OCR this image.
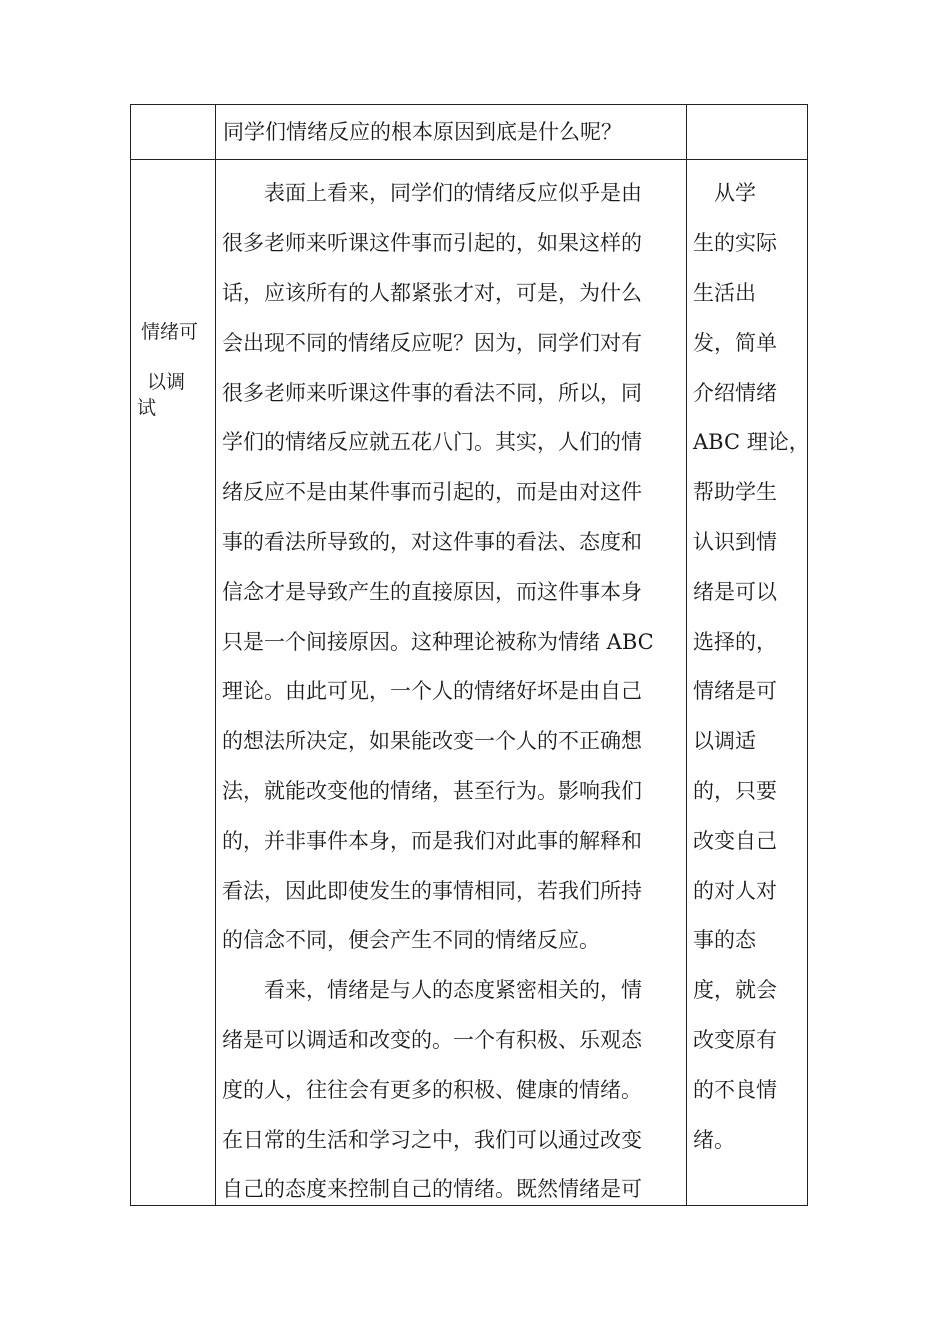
同学们情绪反应的根本原因到底是什么呢？
情绪可
以调
试
　　表面上看来，同学们的情绪反应似乎是由
很多老师来听课这件事而引起的，如果这样的
话，应该所有的人都紧张才对，可是，为什么
会出现不同的情绪反应呢？因为，同学们对有
很多老师来听课这件事的看法不同，所以，同
学们的情绪反应就五花八门。其实，人们的情
绪反应不是由某件事而引起的，而是由对这件
事的看法所导致的，对这件事的看法、态度和
信念才是导致产生的直接原因，而这件事本身
只是一个间接原因。这种理论被称为情绪 ABC
理论。由此可见，一个人的情绪好坏是由自己
的想法所决定，如果能改变一个人的不正确想
法，就能改变他的情绪，甚至行为。影响我们
的，并非事件本身，而是我们对此事的解释和
看法，因此即使发生的事情相同，若我们所持
的信念不同，便会产生不同的情绪反应。
　　看来，情绪是与人的态度紧密相关的，情
绪是可以调适和改变的。一个有积极、乐观态
度的人，往往会有更多的积极、健康的情绪。
在日常的生活和学习之中，我们可以通过改变
自己的态度来控制自己的情绪。既然情绪是可
　从学
生的实际
生活出
发，简单
介绍情绪
ABC 理论，
帮助学生
认识到情
绪是可以
选择的，
情绪是可
以调适
的，只要
改变自己
的对人对
事的态
度，就会
改变原有
的不良情
绪。
